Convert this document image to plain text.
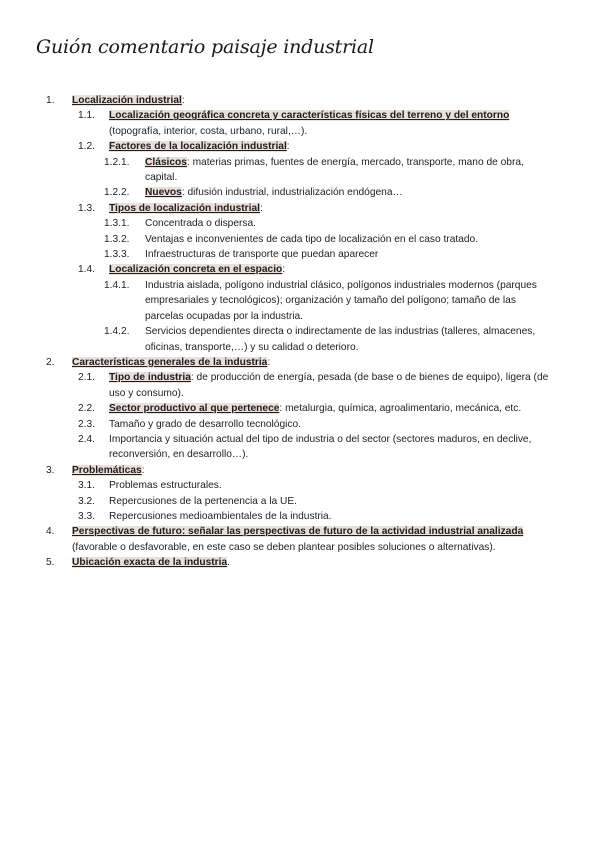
Guión comentario paisaje industrial
1. Localización industrial:
1.1. Localización geográfica concreta y características físicas del terreno y del entorno (topografía, interior, costa, urbano, rural,…).
1.2. Factores de la localización industrial:
1.2.1. Clásicos: materias primas, fuentes de energía, mercado, transporte, mano de obra, capital.
1.2.2. Nuevos: difusión industrial, industrialización endógena…
1.3. Tipos de localización industrial:
1.3.1. Concentrada o dispersa.
1.3.2. Ventajas e inconvenientes de cada tipo de localización en el caso tratado.
1.3.3. Infraestructuras de transporte que puedan aparecer
1.4. Localización concreta en el espacio:
1.4.1. Industria aislada, polígono industrial clásico, polígonos industriales modernos (parques empresariales y tecnológicos); organización y tamaño del polígono; tamaño de las parcelas ocupadas por la industria.
1.4.2. Servicios dependientes directa o indirectamente de las industrias (talleres, almacenes, oficinas, transporte,…) y su calidad o deterioro.
2. Características generales de la industria:
2.1. Tipo de industria: de producción de energía, pesada (de base o de bienes de equipo), ligera (de uso y consumo).
2.2. Sector productivo al que pertenece: metalurgia, química, agroalimentario, mecánica, etc.
2.3. Tamaño y grado de desarrollo tecnológico.
2.4. Importancia y situación actual del tipo de industria o del sector (sectores maduros, en declive, reconversión, en desarrollo…).
3. Problemáticas:
3.1. Problemas estructurales.
3.2. Repercusiones de la pertenencia a la UE.
3.3. Repercusiones medioambientales de la industria.
4. Perspectivas de futuro: señalar las perspectivas de futuro de la actividad industrial analizada (favorable o desfavorable, en este caso se deben plantear posibles soluciones o alternativas).
5. Ubicación exacta de la industria.
